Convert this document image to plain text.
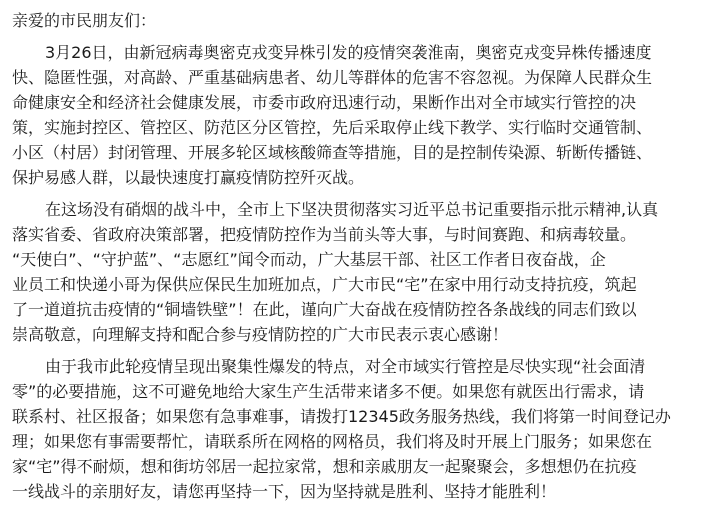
亲爱的市民朋友们：
3月26日，由新冠病毒奥密克戎变异株引发的疫情突袭淮南，奥密克戎变异株传播速度
快、隐匿性强，对高龄、严重基础病患者、幼儿等群体的危害不容忽视。为保障人民群众生
命健康安全和经济社会健康发展，市委市政府迅速行动，果断作出对全市域实行管控的决
策，实施封控区、管控区、防范区分区管控，先后采取停止线下教学、实行临时交通管制、
小区（村居）封闭管理、开展多轮区域核酸筛查等措施，目的是控制传染源、斩断传播链、
保护易感人群，以最快速度打赢疫情防控歼灭战。
在这场没有硝烟的战斗中，全市上下坚决贯彻落实习近平总书记重要指示批示精神,认真
落实省委、省政府决策部署，把疫情防控作为当前头等大事，与时间赛跑、和病毒较量。
“天使白”、“守护蓝”、“志愿红”闻令而动，广大基层干部、社区工作者日夜奋战，企
业员工和快递小哥为保供应保民生加班加点，广大市民“宅”在家中用行动支持抗疫，筑起
了一道道抗击疫情的“铜墙铁壁”！在此，谨向广大奋战在疫情防控各条战线的同志们致以
崇高敬意，向理解支持和配合参与疫情防控的广大市民表示衷心感谢！
由于我市此轮疫情呈现出聚集性爆发的特点，对全市域实行管控是尽快实现“社会面清
零”的必要措施，这不可避免地给大家生产生活带来诸多不便。如果您有就医出行需求，请
联系村、社区报备；如果您有急事难事，请拨打12345政务服务热线，我们将第一时间登记办
理；如果您有事需要帮忙，请联系所在网格的网格员，我们将及时开展上门服务；如果您在
家“宅”得不耐烦，想和街坊邻居一起拉家常，想和亲戚朋友一起聚聚会，多想想仍在抗疫
一线战斗的亲朋好友，请您再坚持一下，因为坚持就是胜利、坚持才能胜利！
